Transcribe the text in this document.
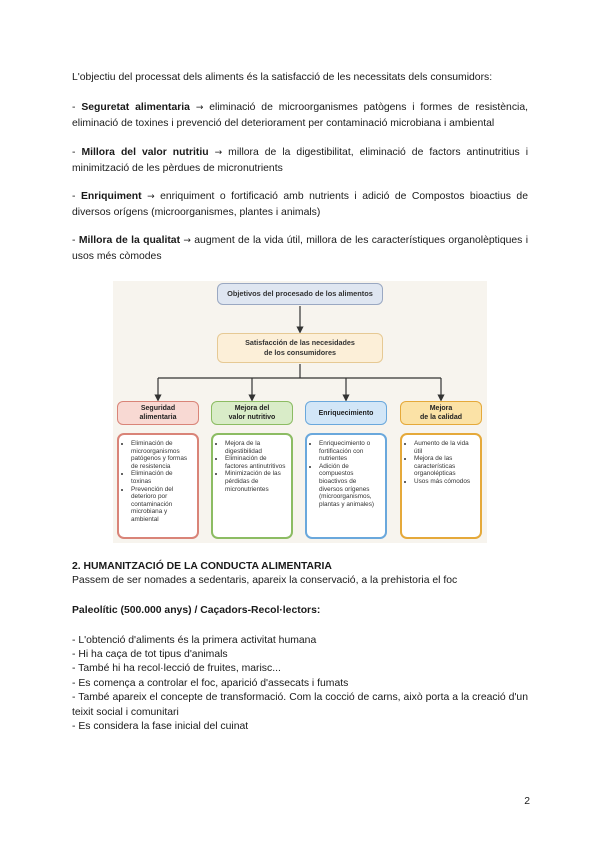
L'objectiu del processat dels aliments és la satisfacció de les necessitats dels consumidors:

- Seguretat alimentaria → eliminació de microorganismes patògens i formes de resistència, eliminació de toxines i prevenció del deteriorament per contaminació microbiana i ambiental

- Millora del valor nutritiu → millora de la digestibilitat, eliminació de factors antinutritius i minimització de les pèrdues de micronutrients

- Enriquiment → enriquiment o fortificació amb nutrients i adició de Compostos bioactius de diversos orígens (microorganismes, plantes i animals)

- Millora de la qualitat → augment de la vida útil, millora de les característiques organolèptiques i usos més còmodes

Objetivos del procesado de los alimentos
Satisfacción de las necesidades
de los consumidores
Seguridad
alimentaria
Mejora del
valor nutritivo
Enriquecimiento
Mejora
de la calidad
• Eliminación de microorganismos patógenos y formas de resistencia
• Eliminación de toxinas
• Prevención del deterioro por contaminación microbiana y ambiental
• Mejora de la digestibilidad
• Eliminación de factores antinutritivos
• Minimización de las pérdidas de micronutrientes
• Enriquecimiento o fortificación con nutrientes
• Adición de compuestos bioactivos de diversos orígenes (microorganismos, plantas y animales)
• Aumento de la vida útil
• Mejora de las características organolépticas
• Usos más cómodos

2. HUMANITZACIÓ DE LA CONDUCTA ALIMENTARIA

Passem de ser nomades a sedentaris, apareix la conservació, a la prehistoria el foc

Paleolític (500.000 anys) / Caçadors-Recol·lectors:

- L'obtenció d'aliments és la primera activitat humana

- Hi ha caça de tot tipus d'animals

- També hi ha recol·lecció de fruites, marisc...

- Es comença a controlar el foc, aparició d'assecats i fumats

- També apareix el concepte de transformació. Com la cocció de carns, això porta a la creació d'un teixit social i comunitari

- Es considera la fase inicial del cuinat

2
